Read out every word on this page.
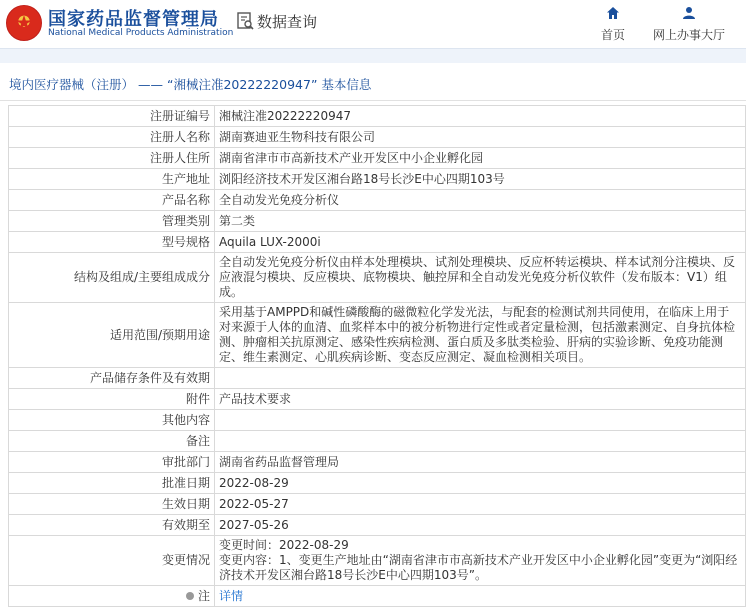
国家药品监督管理局
National Medical Products Administration
数据查询
首页	网上办事大厅
境内医疗器械（注册） —— “湘械注准20222220947” 基本信息
注册证编号	湘械注准20222220947
注册人名称	湖南赛迪亚生物科技有限公司
注册人住所	湖南省津市市高新技术产业开发区中小企业孵化园
生产地址	浏阳经济技术开发区湘台路18号长沙E中心四期103号
产品名称	全自动发光免疫分析仪
管理类别	第二类
型号规格	Aquila LUX-2000i
结构及组成/主要组成成分	全自动发光免疫分析仪由样本处理模块、试剂处理模块、反应杯转运模块、样本试剂分注模块、反应液混匀模块、反应模块、底物模块、触控屏和全自动发光免疫分析仪软件（发布版本：V1）组成。
适用范围/预期用途	采用基于AMPPD和碱性磷酸酶的磁微粒化学发光法，与配套的检测试剂共同使用，在临床上用于对来源于人体的血清、血浆样本中的被分析物进行定性或者定量检测，包括激素测定、自身抗体检测、肿瘤相关抗原测定、感染性疾病检测、蛋白质及多肽类检验、肝病的实验诊断、免疫功能测定、维生素测定、心肌疾病诊断、变态反应测定、凝血检测相关项目。
产品储存条件及有效期	
附件	产品技术要求
其他内容	
备注	
审批部门	湖南省药品监督管理局
批准日期	2022-08-29
生效日期	2022-05-27
有效期至	2027-05-26
变更情况	变更时间：2022-08-29
变更内容：1、变更生产地址由“湖南省津市市高新技术产业开发区中小企业孵化园”变更为“浏阳经济技术开发区湘台路18号长沙E中心四期103号”。

注	详情
